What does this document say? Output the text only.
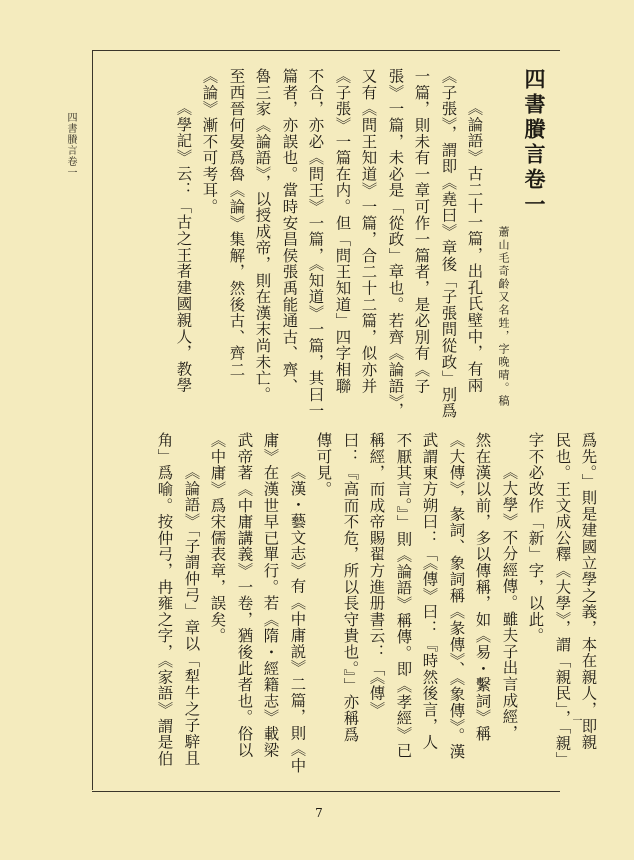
四書賸言卷一
一
四書賸言卷一
蕭山毛奇齡又名甡，字晚晴。稿
《論語》古二十一篇，出孔氏壁中，有兩
《子張》，謂即《堯曰》章後「子張問從政」別爲
一篇，則未有一章可作一篇者，是必別有《子
張》一篇，未必是「從政」章也。若齊《論語》，
又有《問王知道》一篇，合二十二篇，似亦并
《子張》一篇在内。但「問王知道」四字相聯
不合，亦必《問王》一篇，《知道》一篇，其曰一
篇者，亦誤也。當時安昌侯張禹能通古、齊、
魯三家《論語》，以授成帝，則在漢末尚未亡。
至西晉何晏爲魯《論》集解，然後古、齊二
《論》漸不可考耳。
《學記》云：「古之王者建國親人，教學
爲先。」則是建國立學之義，本在親人，即親
民也。王文成公釋《大學》，謂「親民」，「親」
字不必改作「新」字，以此。
《大學》不分經傳。雖夫子出言成經，
然在漢以前，多以傳稱，如《易・繫詞》稱
《大傳》，彖詞、象詞稱《彖傳》、《象傳》。漢
武謂東方朔曰：「《傳》曰：『時然後言，人
不厭其言。』」則《論語》稱傳。即《孝經》已
稱經，而成帝賜翟方進册書云：「《傳》
曰：『高而不危，所以長守貴也。』」亦稱爲
傳可見。
《漢・藝文志》有《中庸説》二篇，則《中
庸》在漢世早已單行。若《隋・經籍志》載梁
武帝著《中庸講義》一卷，猶後此者也。俗以
《中庸》爲宋儒表章，誤矣。
《論語》「子謂仲弓」章以「犁牛之子騂且
角」爲喻。按仲弓，冉雍之字，《家語》謂是伯
7
